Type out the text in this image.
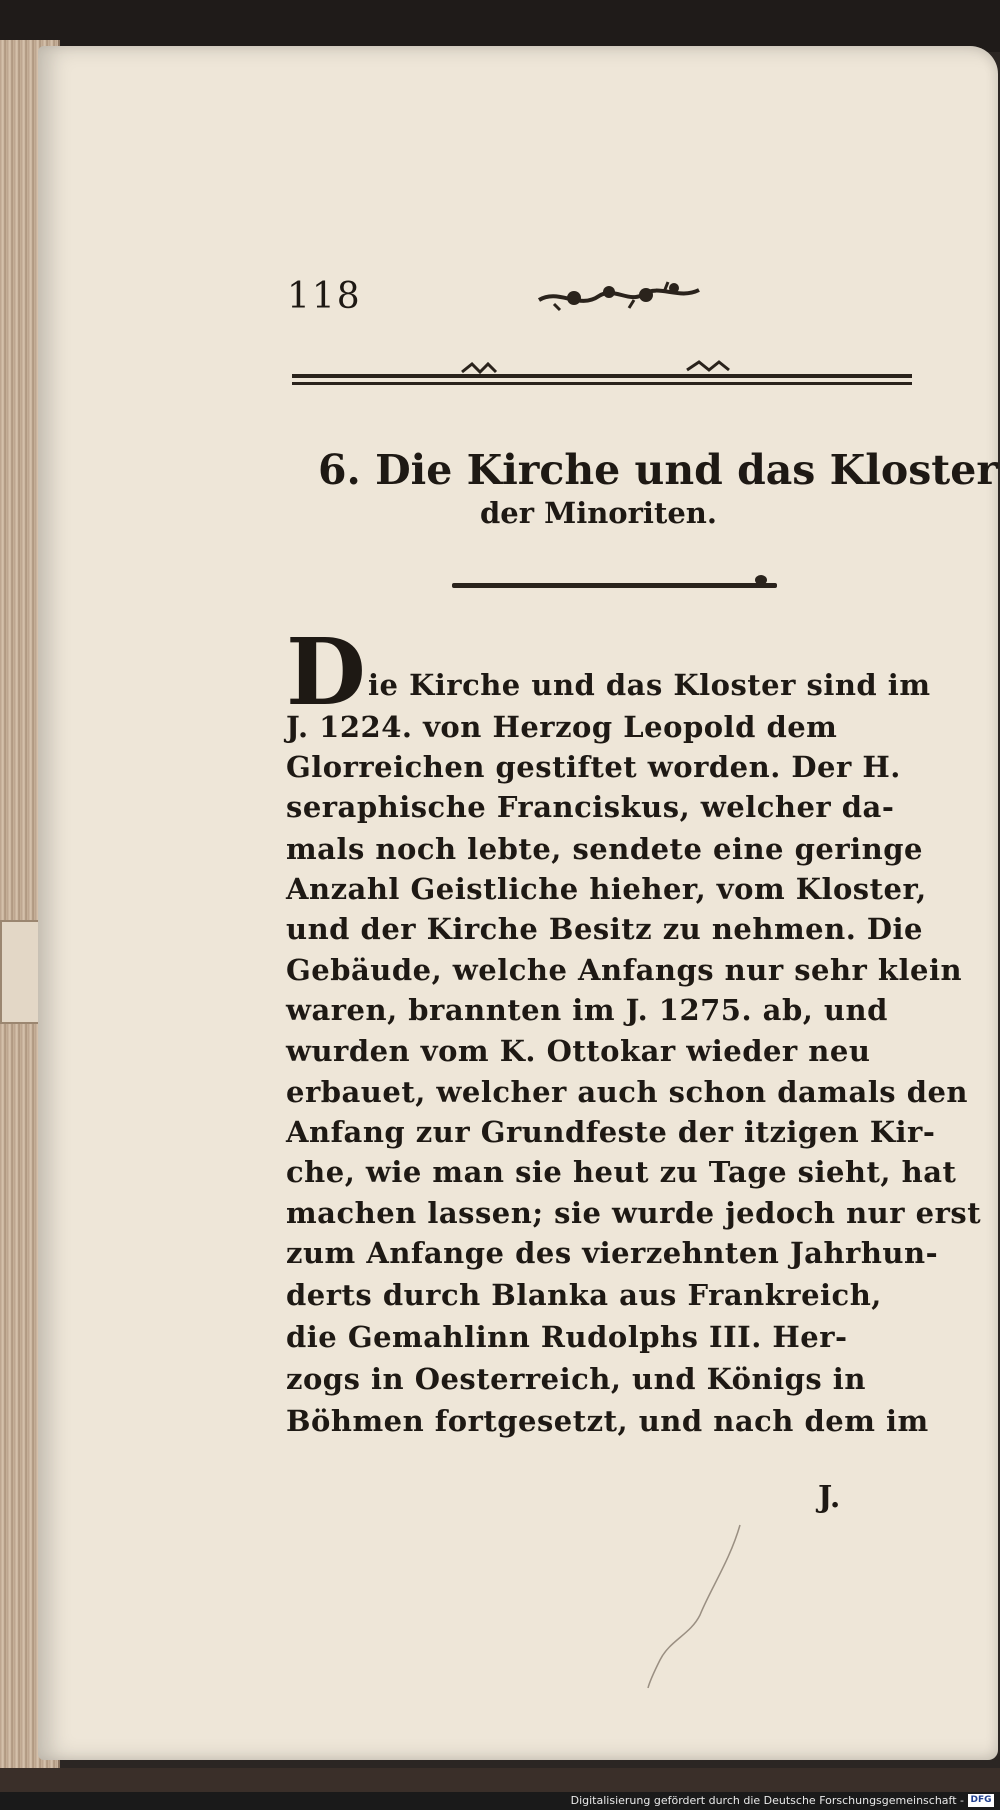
118
6. Die Kirche und das Kloster
der Minoriten.
D ie Kirche und das Kloster sind im
J. 1224. von Herzog Leopold dem
Glorreichen gestiftet worden. Der H.
seraphische Franciskus, welcher da-
mals noch lebte, sendete eine geringe
Anzahl Geistliche hieher, vom Kloster,
und der Kirche Besitz zu nehmen. Die
Gebäude, welche Anfangs nur sehr klein
waren, brannten im J. 1275. ab, und
wurden vom K. Ottokar wieder neu
erbauet, welcher auch schon damals den
Anfang zur Grundfeste der itzigen Kir-
che, wie man sie heut zu Tage sieht, hat
machen lassen; sie wurde jedoch nur erst
zum Anfange des vierzehnten Jahrhun-
derts durch Blanka aus Frankreich,
die Gemahlinn Rudolphs III. Her-
zogs in Oesterreich, und Königs in
Böhmen fortgesetzt, und nach dem im
J.
Digitalisierung gefördert durch die Deutsche Forschungsgemeinschaft - DFG
